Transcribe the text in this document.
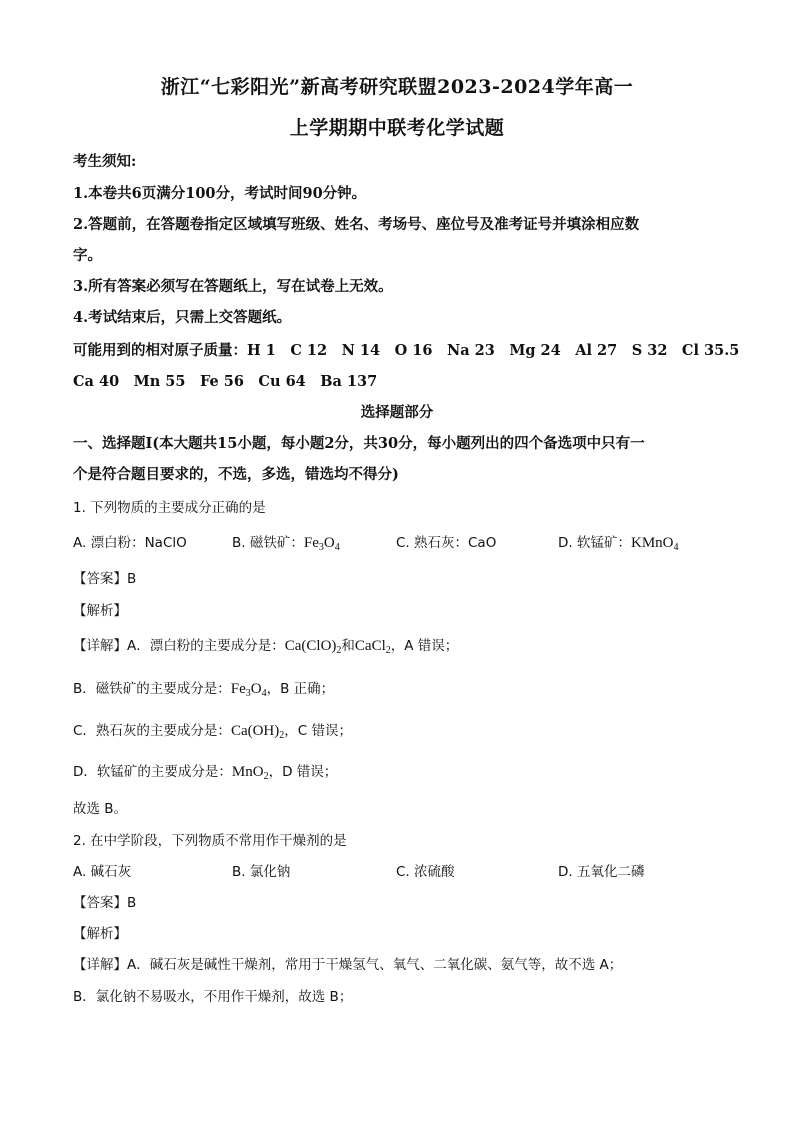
浙江“七彩阳光”新高考研究联盟2023-2024学年高一
上学期期中联考化学试题
考生须知:
1.本卷共6页满分100分，考试时间90分钟。
2.答题前，在答题卷指定区域填写班级、姓名、考场号、座位号及准考证号并填涂相应数
字。
3.所有答案必须写在答题纸上，写在试卷上无效。
4.考试结束后，只需上交答题纸。
可能用到的相对原子质量：H 1　C 12　N 14　O 16　Na 23　Mg 24　Al 27　S 32　Cl 35.5
Ca 40　Mn 55　Fe 56　Cu 64　Ba 137
选择题部分
一、选择题Ⅰ(本大题共15小题，每小题2分，共30分，每小题列出的四个备选项中只有一
个是符合题目要求的，不选，多选，错选均不得分)
1. 下列物质的主要成分正确的是
A. 漂白粉：NaClO	B. 磁铁矿：$Fe_3O_4$	C. 熟石灰：CaO	D. 软锰矿：KMnO$_4$
【答案】B
【解析】
【详解】A．漂白粉的主要成分是：$Ca(ClO)_2$和CaCl$_2$，A 错误；
B．磁铁矿的主要成分是：$Fe_3O_4$，B 正确；
C．熟石灰的主要成分是：$Ca(OH)_2$，C 错误；
D．软锰矿的主要成分是：MnO$_2$，D 错误；
故选 B。
2. 在中学阶段，下列物质不常用作干燥剂的是
A. 碱石灰	B. 氯化钠	C. 浓硫酸	D. 五氧化二磷
【答案】B
【解析】
【详解】A．碱石灰是碱性干燥剂，常用于干燥氢气、氧气、二氧化碳、氨气等，故不选 A；
B．氯化钠不易吸水，不用作干燥剂，故选 B；
